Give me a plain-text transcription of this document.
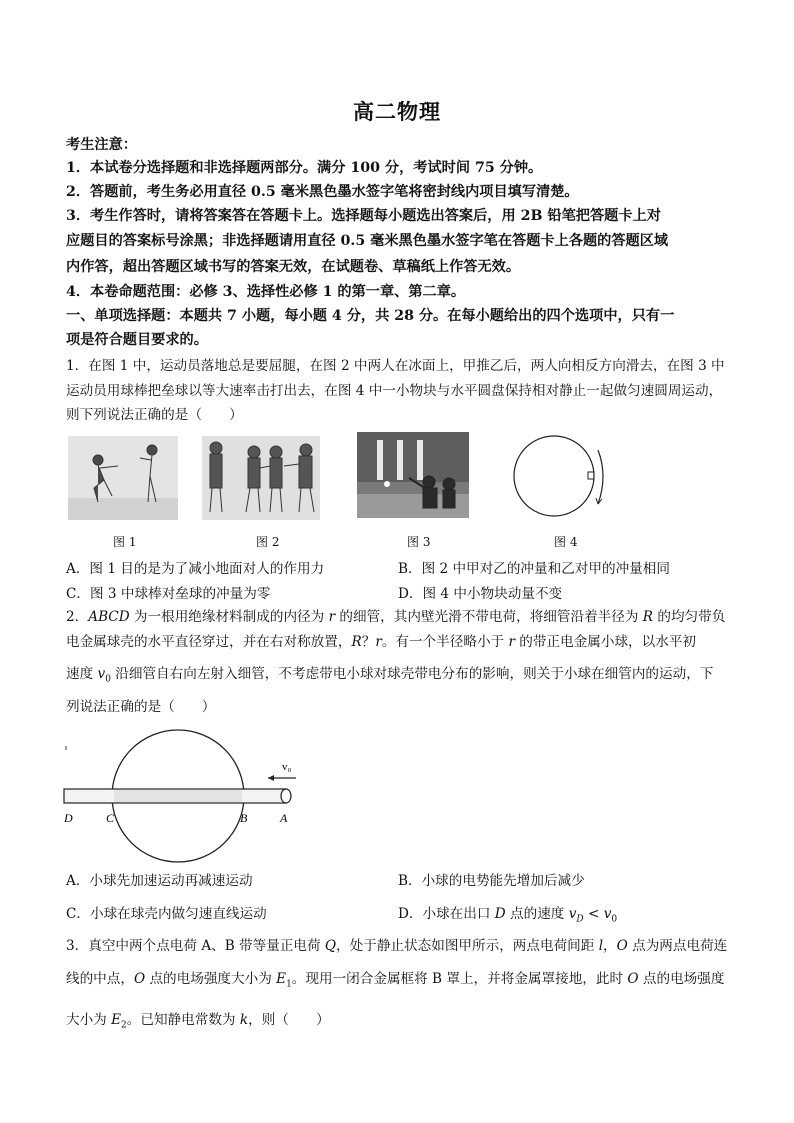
高二物理
考生注意：
1．本试卷分选择题和非选择题两部分。满分 100 分，考试时间 75 分钟。
2．答题前，考生务必用直径 0.5 毫米黑色墨水签字笔将密封线内项目填写清楚。
3．考生作答时，请将答案答在答题卡上。选择题每小题选出答案后，用 2B 铅笔把答题卡上对
应题目的答案标号涂黑；非选择题请用直径 0.5 毫米黑色墨水签字笔在答题卡上各题的答题区域
内作答，超出答题区域书写的答案无效，在试题卷、草稿纸上作答无效。
4．本卷命题范围：必修 3、选择性必修 1 的第一章、第二章。
一、单项选择题：本题共 7 小题，每小题 4 分，共 28 分。在每小题给出的四个选项中，只有一
项是符合题目要求的。
1．在图 1 中，运动员落地总是要屈腿，在图 2 中两人在冰面上，甲推乙后，两人向相反方向滑去，在图 3 中
运动员用球棒把垒球以等大速率击打出去，在图 4 中一小物块与水平圆盘保持相对静止一起做匀速圆周运动，
则下列说法正确的是（　　）
图 1	图 2	图 3	图 4
A．图 1 目的是为了减小地面对人的作用力	B．图 2 中甲对乙的冲量和乙对甲的冲量相同
C．图 3 中球棒对垒球的冲量为零	D．图 4 中小物块动量不变
2．ABCD 为一根用绝缘材料制成的内径为 r 的细管，其内壁光滑不带电荷，将细管沿着半径为 R 的均匀带负
电金属球壳的水平直径穿过，并在右对称放置，R？r。有一个半径略小于 r 的带正电金属小球，以水平初
速度 $v_0$ 沿细管自右向左射入细管，不考虑带电小球对球壳带电分布的影响，则关于小球在细管内的运动，下
列说法正确的是（　　）
D	C	B	A
v₀
A．小球先加速运动再减速运动	B．小球的电势能先增加后减少
C．小球在球壳内做匀速直线运动	D．小球在出口 D 点的速度 $v_D < v_0$
3．真空中两个点电荷 A、B 带等量正电荷 Q，处于静止状态如图甲所示，两点电荷间距 l，O 点为两点电荷连
线的中点，O 点的电场强度大小为 $E_1$。现用一闭合金属框将 B 罩上，并将金属罩接地，此时 O 点的电场强度
大小为 $E_2$。已知静电常数为 k，则（　　）
